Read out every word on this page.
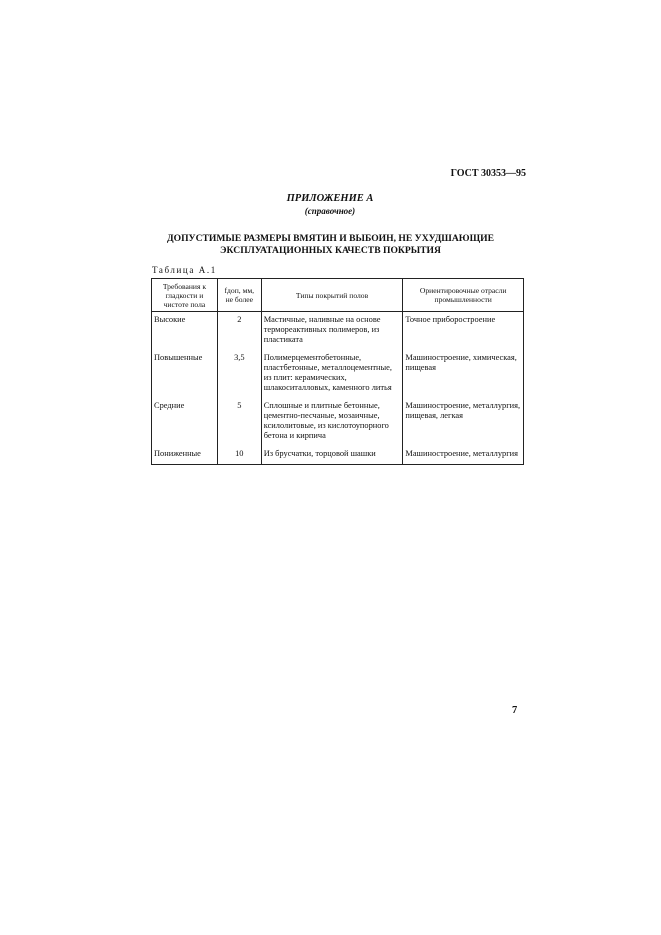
ГОСТ 30353—95
ПРИЛОЖЕНИЕ А
(справочное)
ДОПУСТИМЫЕ РАЗМЕРЫ ВМЯТИН И ВЫБОИН, НЕ УХУДШАЮЩИЕ
ЭКСПЛУАТАЦИОННЫХ КАЧЕСТВ ПОКРЫТИЯ
Таблица А.1
Требования к гладкости и чистоте пола	fдоп, мм, не более	Типы покрытий полов	Ориентировочные отрасли промышленности
Высокие	2	Мастичные, наливные на основе термореактивных полимеров, из пластиката	Точное приборостроение
Повышенные	3,5	Полимерцементобетонные, пластбетонные, металлоцементные, из плит: керамических, шлакоситалловых, каменного литья	Машиностроение, химическая, пищевая
Средние	5	Сплошные и плитные бетонные, цементно-песчаные, мозаичные, ксилолитовые, из кислотоупорного бетона и кирпича	Машиностроение, металлургия, пищевая, легкая
Пониженные	10	Из брусчатки, торцовой шашки	Машиностроение, металлургия
7
